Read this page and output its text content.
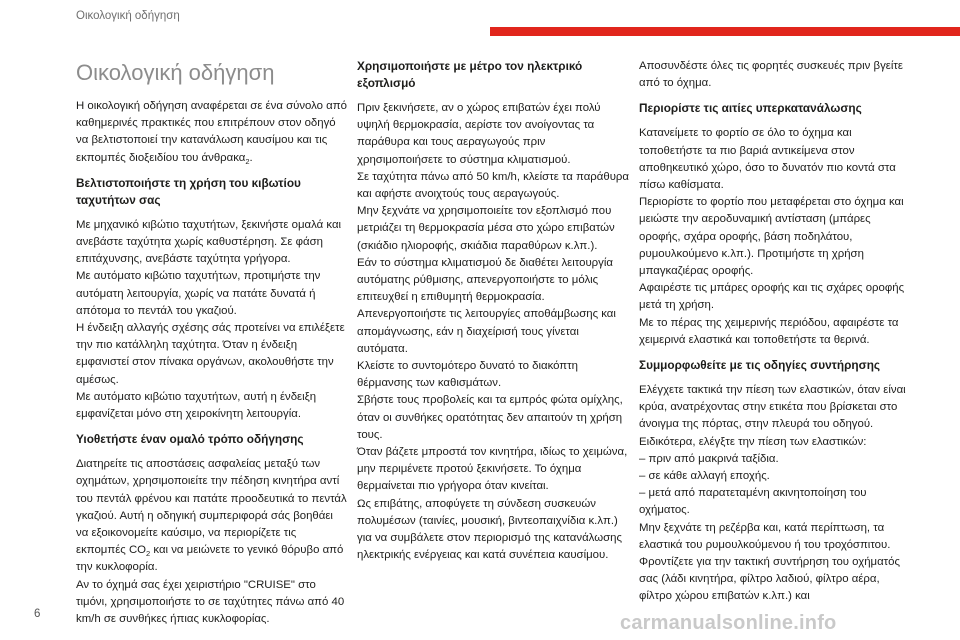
Οικολογική οδήγηση
Οικολογική οδήγηση

Η οικολογική οδήγηση αναφέρεται σε ένα σύνολο από καθημερινές πρακτικές που επιτρέπουν στον οδηγό να βελτιστοποιεί την κατανάλωση καυσίμου και τις εκπομπές διοξειδίου του άνθρακα$_2$.

Βελτιστοποιήστε τη χρήση του κιβωτίου ταχυτήτων σας
Με μηχανικό κιβώτιο ταχυτήτων, ξεκινήστε ομαλά και ανεβάστε ταχύτητα χωρίς καθυστέρηση. Σε φάση επιτάχυνσης, ανεβάστε ταχύτητα γρήγορα.
Με αυτόματο κιβώτιο ταχυτήτων, προτιμήστε την αυτόματη λειτουργία, χωρίς να πατάτε δυνατά ή απότομα το πεντάλ του γκαζιού.
Η ένδειξη αλλαγής σχέσης σάς προτείνει να επιλέξετε την πιο κατάλληλη ταχύτητα. Όταν η ένδειξη εμφανιστεί στον πίνακα οργάνων, ακολουθήστε την αμέσως.

Με αυτόματο κιβώτιο ταχυτήτων, αυτή η ένδειξη εμφανίζεται μόνο στη χειροκίνητη λειτουργία.

Υιοθετήστε έναν ομαλό τρόπο οδήγησης
Διατηρείτε τις αποστάσεις ασφαλείας μεταξύ των οχημάτων, χρησιμοποιείτε την πέδηση κινητήρα αντί του πεντάλ φρένου και πατάτε προοδευτικά το πεντάλ γκαζιού. Αυτή η οδηγική συμπεριφορά σάς βοηθάει να εξοικονομείτε καύσιμο, να περιορίζετε τις εκπομπές $CO_2$ και να μειώνετε το γενικό θόρυβο από την κυκλοφορία.
Αν το όχημά σας έχει χειριστήριο "CRUISE" στο τιμόνι, χρησιμοποιήστε το σε ταχύτητες πάνω από 40 km/h σε συνθήκες ήπιας κυκλοφορίας.
Χρησιμοποιήστε με μέτρο τον ηλεκτρικό εξοπλισμό
Πριν ξεκινήσετε, αν ο χώρος επιβατών έχει πολύ υψηλή θερμοκρασία, αερίστε τον ανοίγοντας τα παράθυρα και τους αεραγωγούς πριν χρησιμοποιήσετε το σύστημα κλιματισμού.
Σε ταχύτητα πάνω από 50 km/h, κλείστε τα παράθυρα και αφήστε ανοιχτούς τους αεραγωγούς.
Μην ξεχνάτε να χρησιμοποιείτε τον εξοπλισμό που μετριάζει τη θερμοκρασία μέσα στο χώρο επιβατών (σκιάδιο ηλιοροφής, σκιάδια παραθύρων κ.λπ.).
Εάν το σύστημα κλιματισμού δε διαθέτει λειτουργία αυτόματης ρύθμισης, απενεργοποιήστε το μόλις επιτευχθεί η επιθυμητή θερμοκρασία.
Απενεργοποιήστε τις λειτουργίες αποθάμβωσης και απομάγνωσης, εάν η διαχείρισή τους γίνεται αυτόματα.
Κλείστε το συντομότερο δυνατό το διακόπτη θέρμανσης των καθισμάτων.
Σβήστε τους προβολείς και τα εμπρός φώτα ομίχλης, όταν οι συνθήκες ορατότητας δεν απαιτούν τη χρήση τους.
Όταν βάζετε μπροστά τον κινητήρα, ιδίως το χειμώνα, μην περιμένετε προτού ξεκινήσετε. Το όχημα θερμαίνεται πιο γρήγορα όταν κινείται.
Ως επιβάτης, αποφύγετε τη σύνδεση συσκευών πολυμέσων (ταινίες, μουσική, βιντεοπαιχνίδια κ.λπ.) για να συμβάλετε στον περιορισμό της κατανάλωσης ηλεκτρικής ενέργειας και κατά συνέπεια καυσίμου.

Αποσυνδέστε όλες τις φορητές συσκευές πριν βγείτε από το όχημα.

Περιορίστε τις αιτίες υπερκατανάλωσης
Κατανείμετε το φορτίο σε όλο το όχημα και τοποθετήστε τα πιο βαριά αντικείμενα στον αποθηκευτικό χώρο, όσο το δυνατόν πιο κοντά στα πίσω καθίσματα.
Περιορίστε το φορτίο που μεταφέρεται στο όχημα και μειώστε την αεροδυναμική αντίσταση (μπάρες οροφής, σχάρα οροφής, βάση ποδηλάτου, ρυμουλκούμενο κ.λπ.). Προτιμήστε τη χρήση μπαγκαζιέρας οροφής.
Αφαιρέστε τις μπάρες οροφής και τις σχάρες οροφής μετά τη χρήση.

Με το πέρας της χειμερινής περιόδου, αφαιρέστε τα χειμερινά ελαστικά και τοποθετήστε τα θερινά.

Συμμορφωθείτε με τις οδηγίες συντήρησης
Ελέγχετε τακτικά την πίεση των ελαστικών, όταν είναι κρύα, ανατρέχοντας στην ετικέτα που βρίσκεται στο άνοιγμα της πόρτας, στην πλευρά του οδηγού.
Ειδικότερα, ελέγξτε την πίεση των ελαστικών:
– πριν από μακρινά ταξίδια.
– σε κάθε αλλαγή εποχής.
– μετά από παρατεταμένη ακινητοποίηση του οχήματος.
Μην ξεχνάτε τη ρεζέρβα και, κατά περίπτωση, τα ελαστικά του ρυμουλκούμενου ή του τροχόσπιτου.
Φροντίζετε για την τακτική συντήρηση του οχήματός σας (λάδι κινητήρα, φίλτρο λαδιού, φίλτρο αέρα, φίλτρο χώρου επιβατών κ.λπ.) και
6	carmanualsonline.info
